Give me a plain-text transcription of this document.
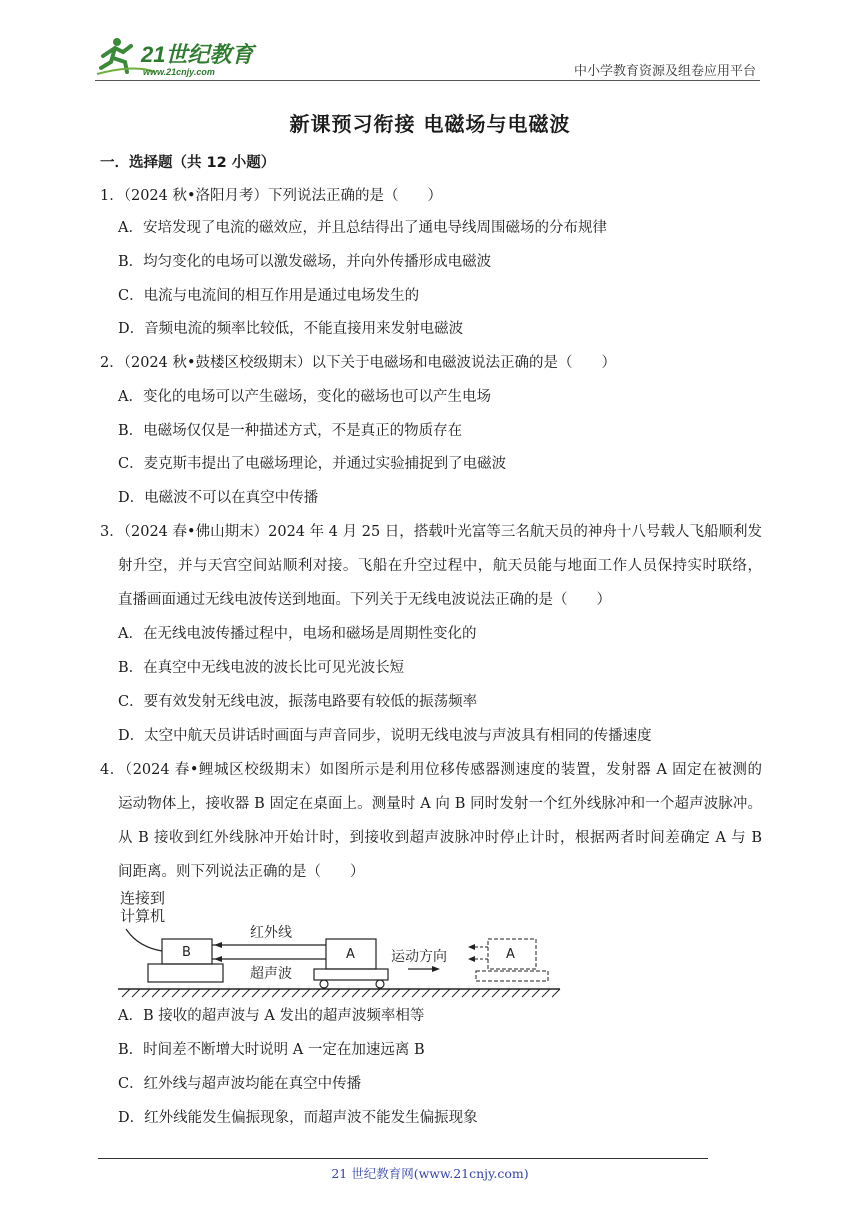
21世纪教育
www.21cnjy.com	中小学教育资源及组卷应用平台
新课预习衔接 电磁场与电磁波
一．选择题（共 12 小题）
1．（2024 秋•洛阳月考）下列说法正确的是（　　）
A．安培发现了电流的磁效应，并且总结得出了通电导线周围磁场的分布规律
B．均匀变化的电场可以激发磁场，并向外传播形成电磁波
C．电流与电流间的相互作用是通过电场发生的
D．音频电流的频率比较低，不能直接用来发射电磁波
2．（2024 秋•鼓楼区校级期末）以下关于电磁场和电磁波说法正确的是（　　）
A．变化的电场可以产生磁场，变化的磁场也可以产生电场
B．电磁场仅仅是一种描述方式，不是真正的物质存在
C．麦克斯韦提出了电磁场理论，并通过实验捕捉到了电磁波
D．电磁波不可以在真空中传播
3．（2024 春•佛山期末）2024 年 4 月 25 日，搭载叶光富等三名航天员的神舟十八号载人飞船顺利发
射升空，并与天宫空间站顺利对接。飞船在升空过程中，航天员能与地面工作人员保持实时联络，
直播画面通过无线电波传送到地面。下列关于无线电波说法正确的是（　　）
A．在无线电波传播过程中，电场和磁场是周期性变化的
B．在真空中无线电波的波长比可见光波长短
C．要有效发射无线电波，振荡电路要有较低的振荡频率
D．太空中航天员讲话时画面与声音同步，说明无线电波与声波具有相同的传播速度
4．（2024 春•鲤城区校级期末）如图所示是利用位移传感器测速度的装置，发射器 A 固定在被测的
运动物体上，接收器 B 固定在桌面上。测量时 A 向 B 同时发射一个红外线脉冲和一个超声波脉冲。
从 B 接收到红外线脉冲开始计时，到接收到超声波脉冲时停止计时，根据两者时间差确定 A 与 B
间距离。则下列说法正确的是（　　）
连接到
计算机
B
红外线
超声波
A	运动方向	A
A．B 接收的超声波与 A 发出的超声波频率相等
B．时间差不断增大时说明 A 一定在加速远离 B
C．红外线与超声波均能在真空中传播
D．红外线能发生偏振现象，而超声波不能发生偏振现象
21 世纪教育网(www.21cnjy.com)
